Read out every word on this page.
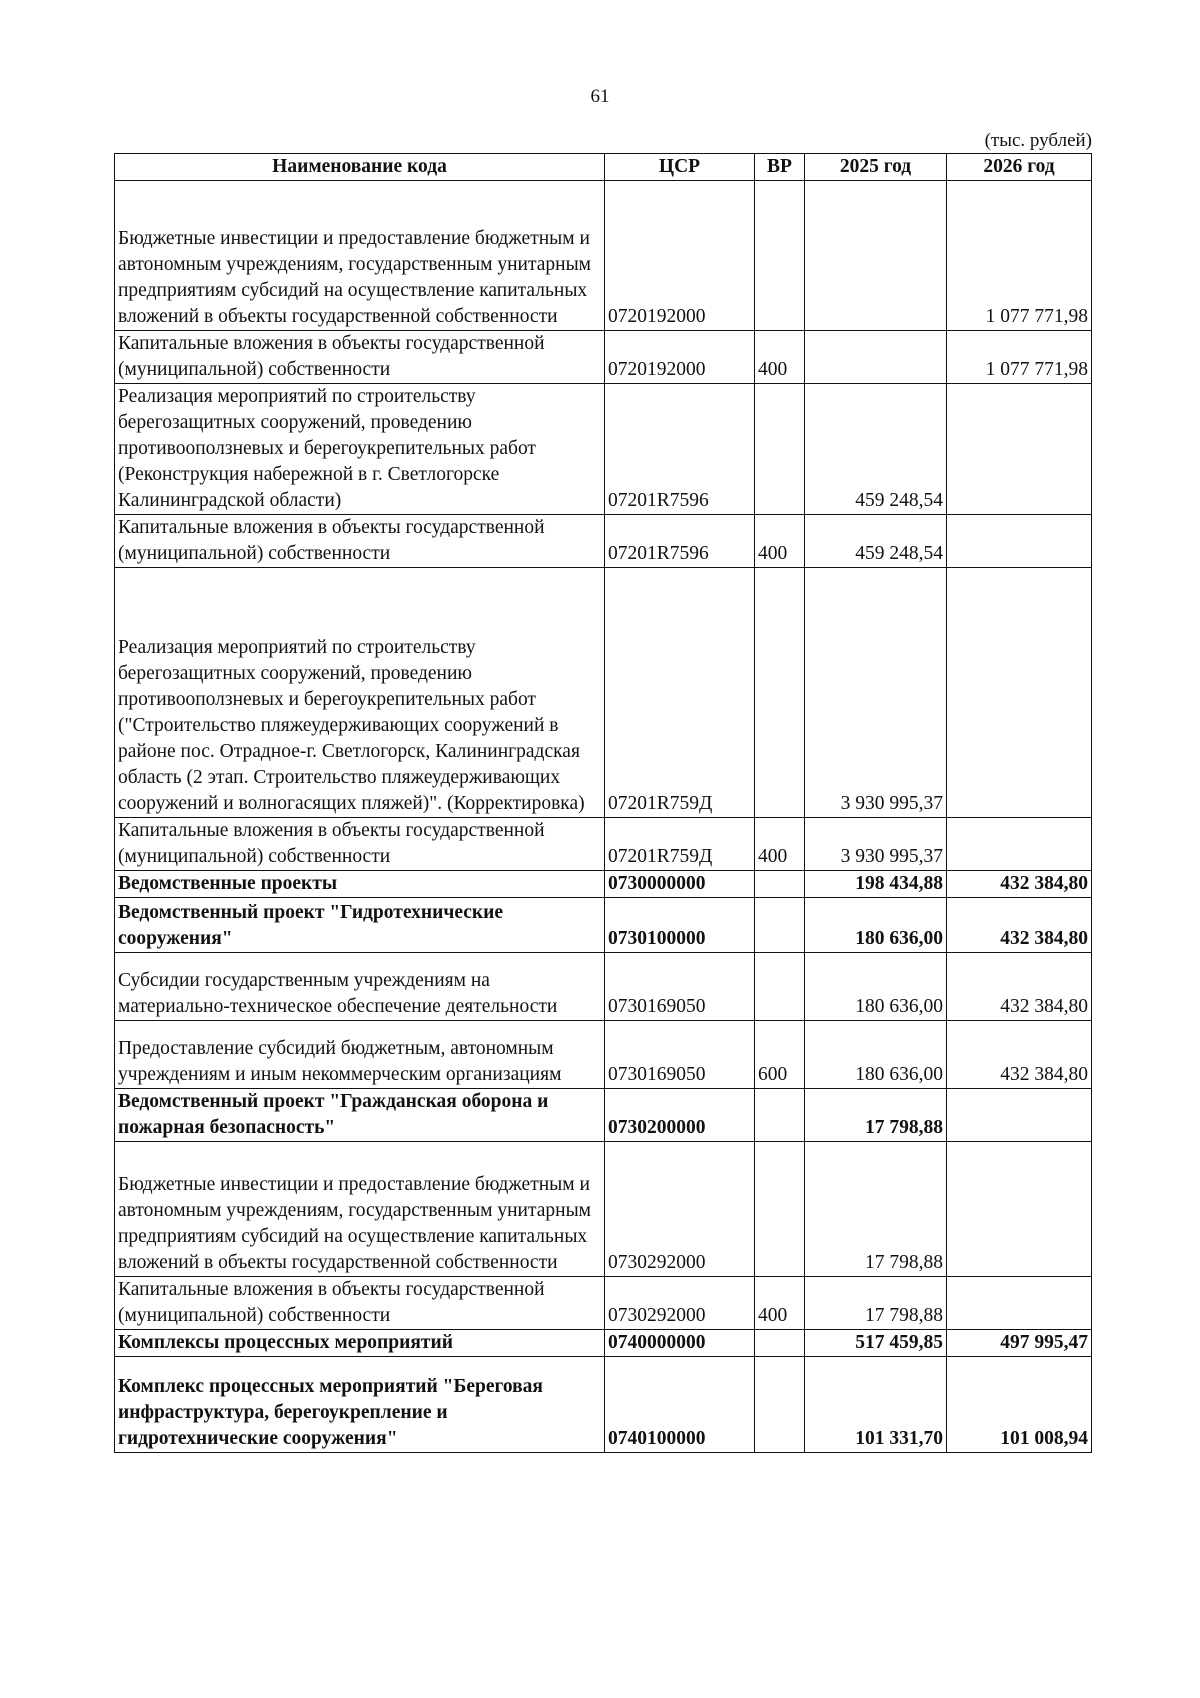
61
(тыс. рублей)
Наименование кода	ЦСР	ВР	2025 год	2026 год
Бюджетные инвестиции и предоставление бюджетным и автономным учреждениям, государственным унитарным предприятиям субсидий на осуществление капитальных вложений в объекты государственной собственности	0720192000			1 077 771,98
Капитальные вложения в объекты государственной (муниципальной) собственности	0720192000	400		1 077 771,98
Реализация мероприятий по строительству берегозащитных сооружений, проведению противооползневых и берегоукрепительных работ (Реконструкция набережной в г. Светлогорске Калининградской области)	07201R7596		459 248,54	
Капитальные вложения в объекты государственной (муниципальной) собственности	07201R7596	400	459 248,54	
Реализация мероприятий по строительству берегозащитных сооружений, проведению противооползневых и берегоукрепительных работ ("Строительство пляжеудерживающих сооружений в районе пос. Отрадное-г. Светлогорск, Калининградская область (2 этап. Строительство пляжеудерживающих сооружений и волногасящих пляжей)". (Корректировка)	07201R759Д		3 930 995,37	
Капитальные вложения в объекты государственной (муниципальной) собственности	07201R759Д	400	3 930 995,37	
Ведомственные проекты	0730000000		198 434,88	432 384,80
Ведомственный проект "Гидротехнические сооружения"	0730100000		180 636,00	432 384,80
Субсидии государственным учреждениям на материально-техническое обеспечение деятельности	0730169050		180 636,00	432 384,80
Предоставление субсидий бюджетным, автономным учреждениям и иным некоммерческим организациям	0730169050	600	180 636,00	432 384,80
Ведомственный проект "Гражданская оборона и пожарная безопасность"	0730200000		17 798,88	
Бюджетные инвестиции и предоставление бюджетным и автономным учреждениям, государственным унитарным предприятиям субсидий на осуществление капитальных вложений в объекты государственной собственности	0730292000		17 798,88	
Капитальные вложения в объекты государственной (муниципальной) собственности	0730292000	400	17 798,88	
Комплексы процессных мероприятий	0740000000		517 459,85	497 995,47
Комплекс процессных мероприятий "Береговая инфраструктура, берегоукрепление и гидротехнические сооружения"	0740100000		101 331,70	101 008,94
